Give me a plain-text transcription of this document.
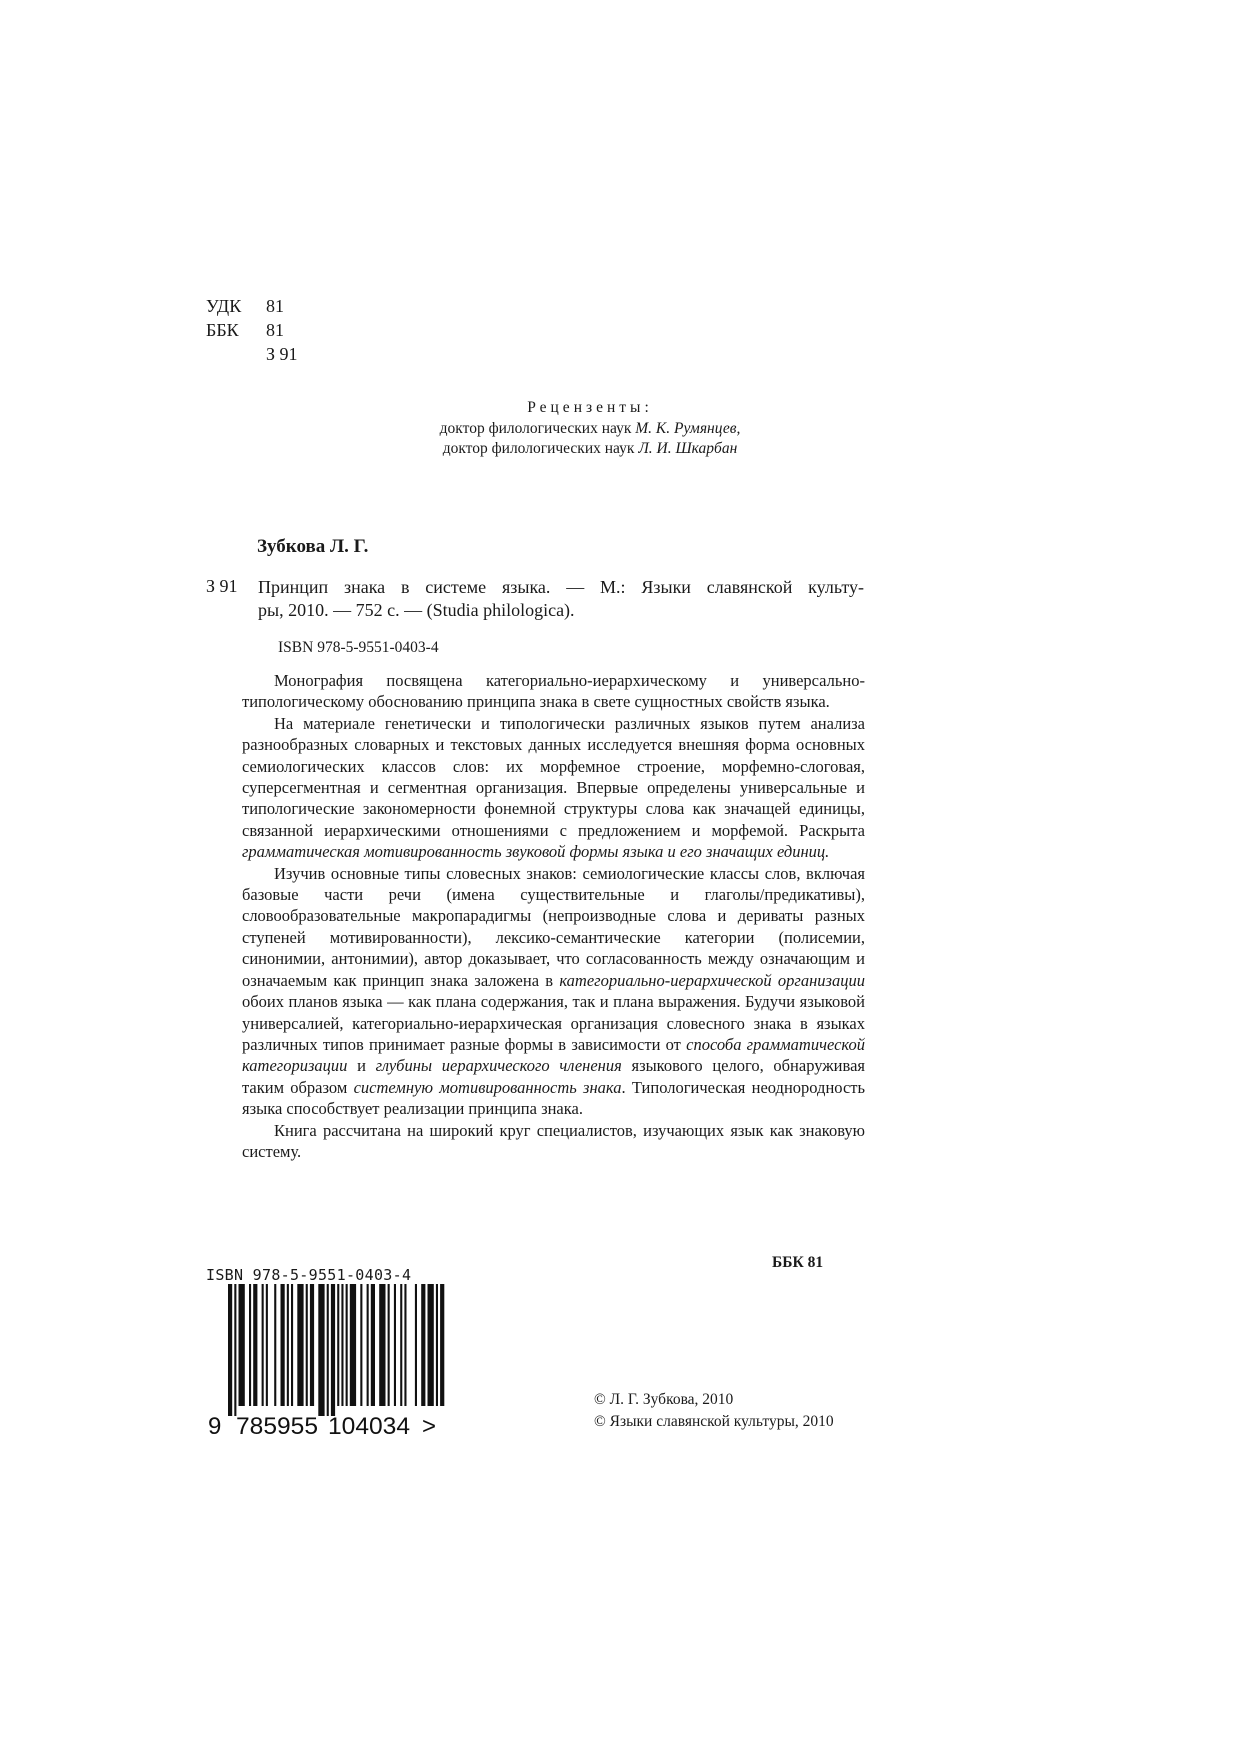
УДК	81
ББК	81
З 91
Рецензенты:
доктор филологических наук М. К. Румянцев,
доктор филологических наук Л. И. Шкарбан
Зубкова Л. Г.
З 91 Принцип знака в системе языка. — М.: Языки славянской культу-
ры, 2010. — 752 с. — (Studia philologica).
ISBN 978-5-9551-0403-4

Монография посвящена категориально-иерархическому и универсально-типологическому обоснованию принципа знака в свете сущностных свойств языка.

На материале генетически и типологически различных языков путем анализа разнообразных словарных и текстовых данных исследуется внешняя форма основных семиологических классов слов: их морфемное строение, морфемно-слоговая, суперсегментная и сегментная организация. Впервые определены универсальные и типологические закономерности фонемной структуры слова как значащей единицы, связанной иерархическими отношениями с предложением и морфемой. Раскрыта грамматическая мотивированность звуковой формы языка и его значащих единиц.

Изучив основные типы словесных знаков: семиологические классы слов, включая базовые части речи (имена существительные и глаголы/предикативы), словообразовательные макропарадигмы (непроизводные слова и дериваты разных ступеней мотивированности), лексико-семантические категории (полисемии, синонимии, антонимии), автор доказывает, что согласованность между означающим и означаемым как принцип знака заложена в категориально-иерархической организации обоих планов языка — как плана содержания, так и плана выражения. Будучи языковой универсалией, категориально-иерархическая организация словесного знака в языках различных типов принимает разные формы в зависимости от способа грамматической категоризации и глубины иерархического членения языкового целого, обнаруживая таким образом системную мотивированность знака. Типологическая неоднородность языка способствует реализации принципа знака.

Книга рассчитана на широкий круг специалистов, изучающих язык как знаковую систему.

ББК 81
ISBN 978-5-9551-0403-4
9 785955 104034 >
© Л. Г. Зубкова, 2010
© Языки славянской культуры, 2010
